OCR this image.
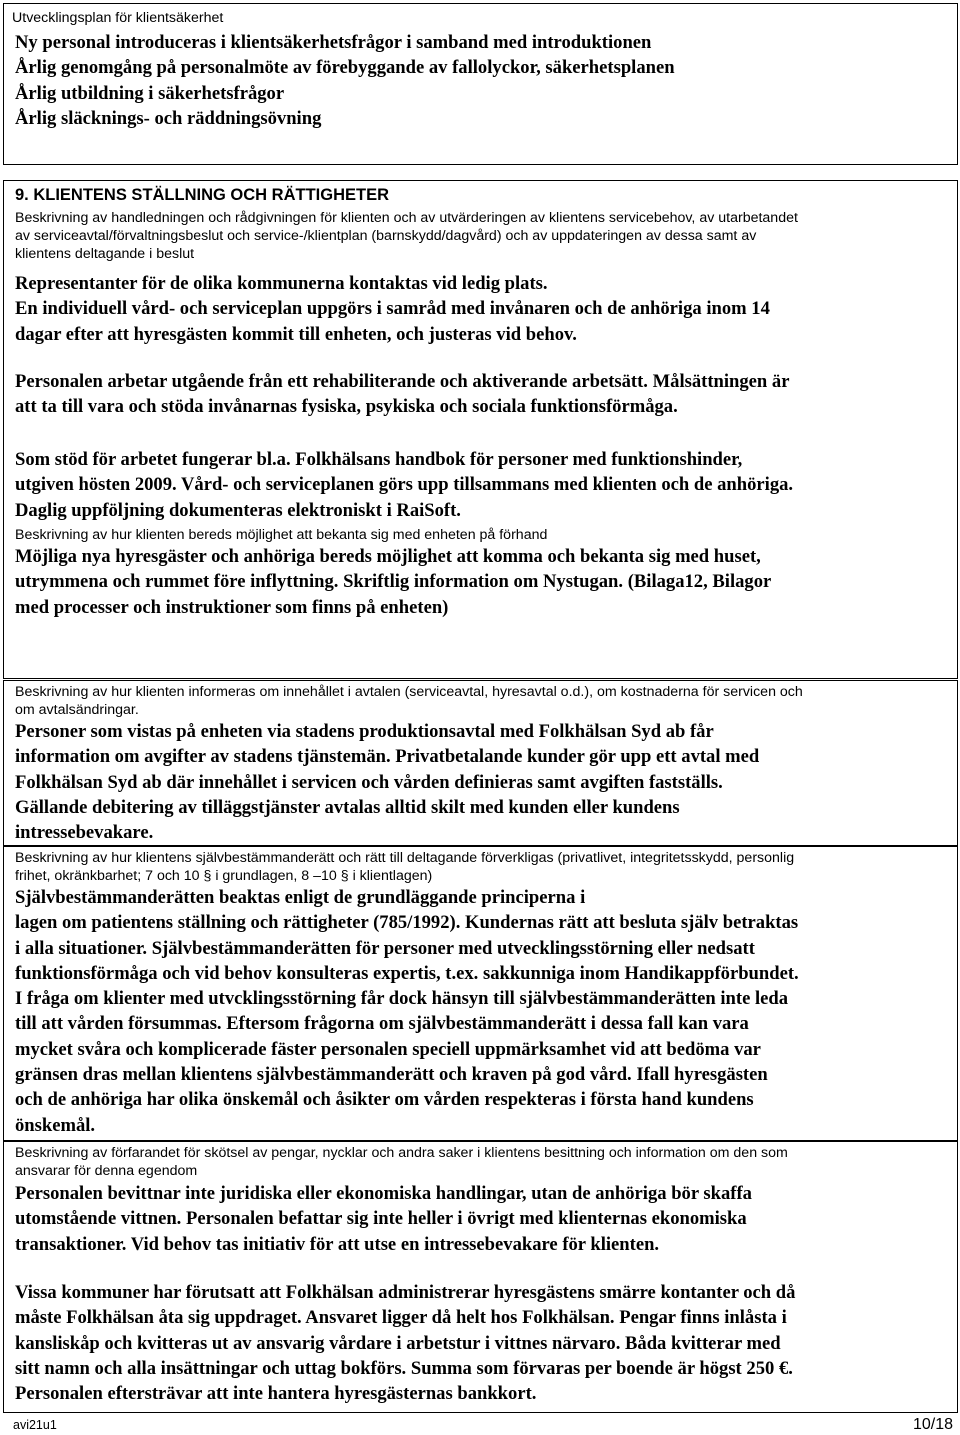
Utvecklingsplan för klientsäkerhet

Ny personal introduceras i klientsäkerhetsfrågor i samband med introduktionen

Årlig genomgång på personalmöte av förebyggande av fallolyckor, säkerhetsplanen

Årlig utbildning i säkerhetsfrågor

Årlig släcknings- och räddningsövning

9. KLIENTENS STÄLLNING OCH RÄTTIGHETER

Beskrivning av handledningen och rådgivningen för klienten och av utvärderingen av klientens servicebehov, av utarbetandet

av serviceavtal/förvaltningsbeslut och service-/klientplan (barnskydd/dagvård) och av uppdateringen av dessa samt av

klientens deltagande i beslut

Representanter för de olika kommunerna kontaktas vid ledig plats.

En individuell vård- och serviceplan uppgörs i samråd med invånaren och de anhöriga inom 14

dagar efter att hyresgästen kommit till enheten, och justeras vid behov.

Personalen arbetar utgående från ett rehabiliterande och aktiverande arbetsätt. Målsättningen är

att ta till vara och stöda invånarnas fysiska, psykiska och sociala funktionsförmåga.

Som stöd för arbetet fungerar bl.a. Folkhälsans handbok för personer med funktionshinder,

utgiven hösten 2009. Vård- och serviceplanen görs upp tillsammans med klienten och de anhöriga.

Daglig uppföljning dokumenteras elektroniskt i RaiSoft.

Beskrivning av hur klienten bereds möjlighet att bekanta sig med enheten på förhand

Möjliga nya hyresgäster och anhöriga bereds möjlighet att komma och bekanta sig med huset,

utrymmena och rummet före inflyttning. Skriftlig information om Nystugan. (Bilaga12, Bilagor

med processer och instruktioner som finns på enheten)

Beskrivning av hur klienten informeras om innehållet i avtalen (serviceavtal, hyresavtal o.d.), om kostnaderna för servicen och

om avtalsändringar.

Personer som vistas på enheten via stadens produktionsavtal med Folkhälsan Syd ab får

information om avgifter av stadens tjänstemän. Privatbetalande kunder gör upp ett avtal med

Folkhälsan Syd ab där innehållet i servicen och vården definieras samt avgiften fastställs.

Gällande debitering av tilläggstjänster avtalas alltid skilt med kunden eller kundens

intressebevakare.

Beskrivning av hur klientens självbestämmanderätt och rätt till deltagande förverkligas (privatlivet, integritetsskydd, personlig

frihet, okränkbarhet; 7 och 10 § i grundlagen, 8 –10 § i klientlagen)

Självbestämmanderätten beaktas enligt de grundläggande principerna i

lagen om patientens ställning och rättigheter (785/1992). Kundernas rätt att besluta själv betraktas

i alla situationer. Självbestämmanderätten för personer med utvecklingsstörning eller nedsatt

funktionsförmåga och vid behov konsulteras expertis, t.ex. sakkunniga inom Handikappförbundet.

I fråga om klienter med utvcklingsstörning får dock hänsyn till självbestämmanderätten inte leda

till att vården försummas. Eftersom frågorna om självbestämmanderätt i dessa fall kan vara

mycket svåra och komplicerade fäster personalen speciell uppmärksamhet vid att bedöma var

gränsen dras mellan klientens självbestämmanderätt och kraven på god vård. Ifall hyresgästen

och de anhöriga har olika önskemål och åsikter om vården respekteras i första hand kundens

önskemål.

Beskrivning av förfarandet för skötsel av pengar, nycklar och andra saker i klientens besittning och information om den som

ansvarar för denna egendom

Personalen bevittnar inte juridiska eller ekonomiska handlingar, utan de anhöriga bör skaffa

utomstående vittnen. Personalen befattar sig inte heller i övrigt med klienternas ekonomiska

transaktioner. Vid behov tas initiativ för att utse en intressebevakare för klienten.

Vissa kommuner har förutsatt att Folkhälsan administrerar hyresgästens smärre kontanter och då

måste Folkhälsan åta sig uppdraget. Ansvaret ligger då helt hos Folkhälsan. Pengar finns inlåsta i

kansliskåp och kvitteras ut av ansvarig vårdare i arbetstur i vittnes närvaro. Båda kvitterar med

sitt namn och alla insättningar och uttag bokförs. Summa som förvaras per boende är högst 250 €.

Personalen eftersträvar att inte hantera hyresgästernas bankkort.

avi21u1	10/18
